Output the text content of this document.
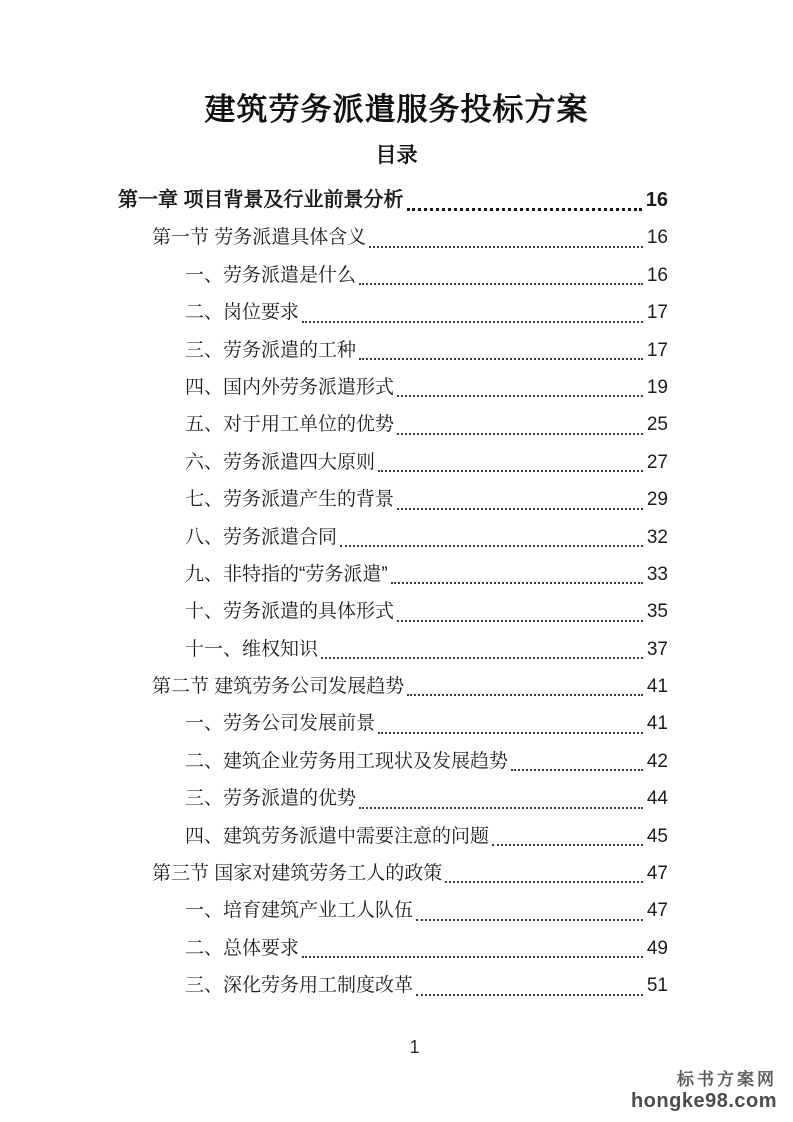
建筑劳务派遣服务投标方案
目录
第一章 项目背景及行业前景分析	16
第一节 劳务派遣具体含义	16
一、劳务派遣是什么	16
二、岗位要求	17
三、劳务派遣的工种	17
四、国内外劳务派遣形式	19
五、对于用工单位的优势	25
六、劳务派遣四大原则	27
七、劳务派遣产生的背景	29
八、劳务派遣合同	32
九、非特指的“劳务派遣”	33
十、劳务派遣的具体形式	35
十一、维权知识	37
第二节 建筑劳务公司发展趋势	41
一、劳务公司发展前景	41
二、建筑企业劳务用工现状及发展趋势	42
三、劳务派遣的优势	44
四、建筑劳务派遣中需要注意的问题	45
第三节 国家对建筑劳务工人的政策	47
一、培育建筑产业工人队伍	47
二、总体要求	49
三、深化劳务用工制度改革	51
1
标书方案网
hongke98.com
